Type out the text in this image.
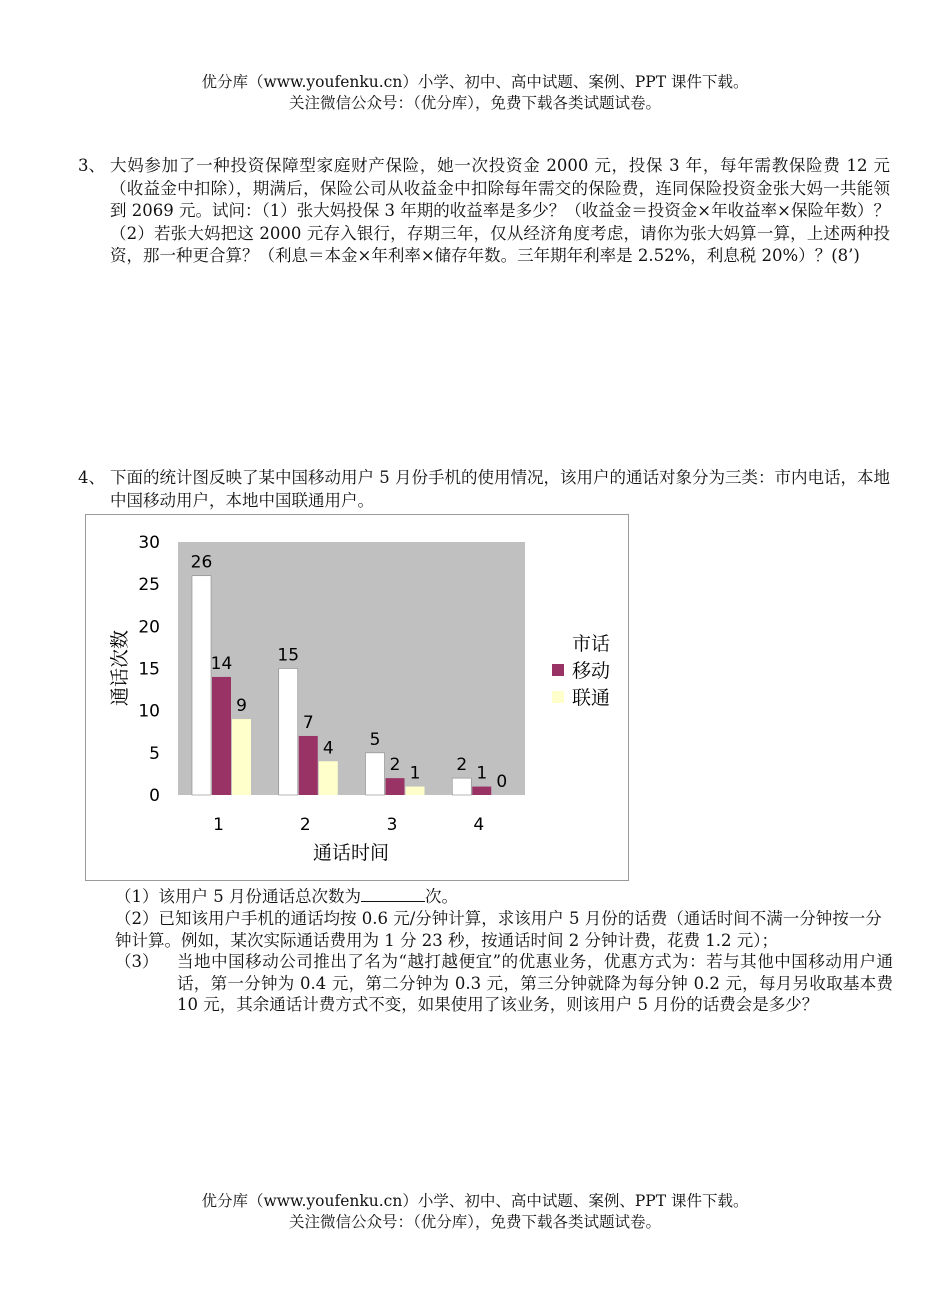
优分库（www.youfenku.cn）小学、初中、高中试题、案例、PPT 课件下载。
关注微信公众号：（优分库），免费下载各类试题试卷。
3、 大妈参加了一种投资保障型家庭财产保险，她一次投资金 2000 元，投保 3 年，每年需教保险费 12 元（收益金中扣除），期满后，保险公司从收益金中扣除每年需交的保险费，连同保险投资金张大妈一共能领到 2069 元。试问：（1）张大妈投保 3 年期的收益率是多少？（收益金＝投资金×年收益率×保险年数）？（2）若张大妈把这 2000 元存入银行，存期三年，仅从经济角度考虑，请你为张大妈算一算，上述两种投资，那一种更合算？（利息＝本金×年利率×储存年数。三年期年利率是 2.52%，利息税 20%）？(8’)
4、 下面的统计图反映了某中国移动用户 5 月份手机的使用情况，该用户的通话对象分为三类：市内电话，本地中国移动用户，本地中国联通用户。
0
5
10
15
20
25
30
26
14
9
15
7
4 5
2 1 2 1 0
1	2	3	4
通话次数
通话时间
市话
移动
联通
（1）该用户 5 月份通话总次数为	次。
（2）已知该用户手机的通话均按 0.6 元/分钟计算，求该用户 5 月份的话费（通话时间不满一分钟按一分钟计算。例如，某次实际通话费用为 1 分 23 秒，按通话时间 2 分钟计费，花费 1.2 元）；
（3）	当地中国移动公司推出了名为“越打越便宜”的优惠业务，优惠方式为：若与其他中国移动用户通话，第一分钟为 0.4 元，第二分钟为 0.3 元，第三分钟就降为每分钟 0.2 元，每月另收取基本费 10 元，其余通话计费方式不变，如果使用了该业务，则该用户 5 月份的话费会是多少？
优分库（www.youfenku.cn）小学、初中、高中试题、案例、PPT 课件下载。
关注微信公众号：（优分库），免费下载各类试题试卷。
